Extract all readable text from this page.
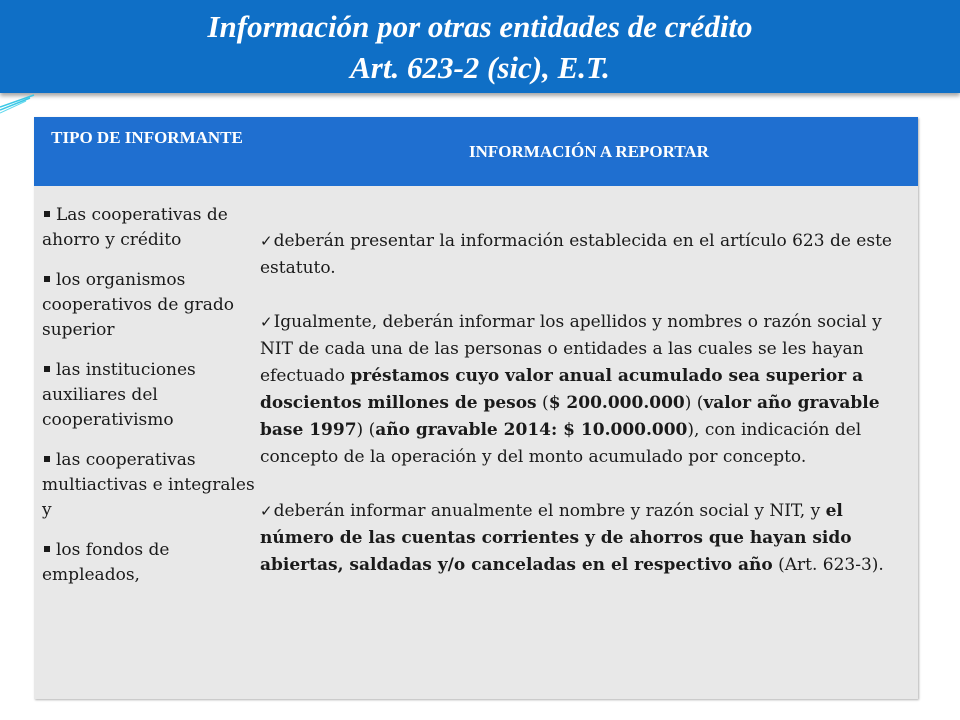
Información por otras entidades de crédito
Art. 623-2 (sic), E.T.
TIPO DE INFORMANTE
INFORMACIÓN A REPORTAR
Las cooperativas de ahorro y crédito
los organismos cooperativos de grado superior
las instituciones auxiliares del cooperativismo
las cooperativas multiactivas e integrales y
los fondos de empleados,
✓deberán presentar la información establecida en el artículo 623 de este estatuto.
✓Igualmente, deberán informar los apellidos y nombres o razón social y NIT de cada una de las personas o entidades a las cuales se les hayan efectuado préstamos cuyo valor anual acumulado sea superior a doscientos millones de pesos ($ 200.000.000) (valor año gravable base 1997) (año gravable 2014: $ 10.000.000), con indicación del concepto de la operación y del monto acumulado por concepto.
✓deberán informar anualmente el nombre y razón social y NIT, y el número de las cuentas corrientes y de ahorros que hayan sido abiertas, saldadas y/o canceladas en el respectivo año (Art. 623-3).
